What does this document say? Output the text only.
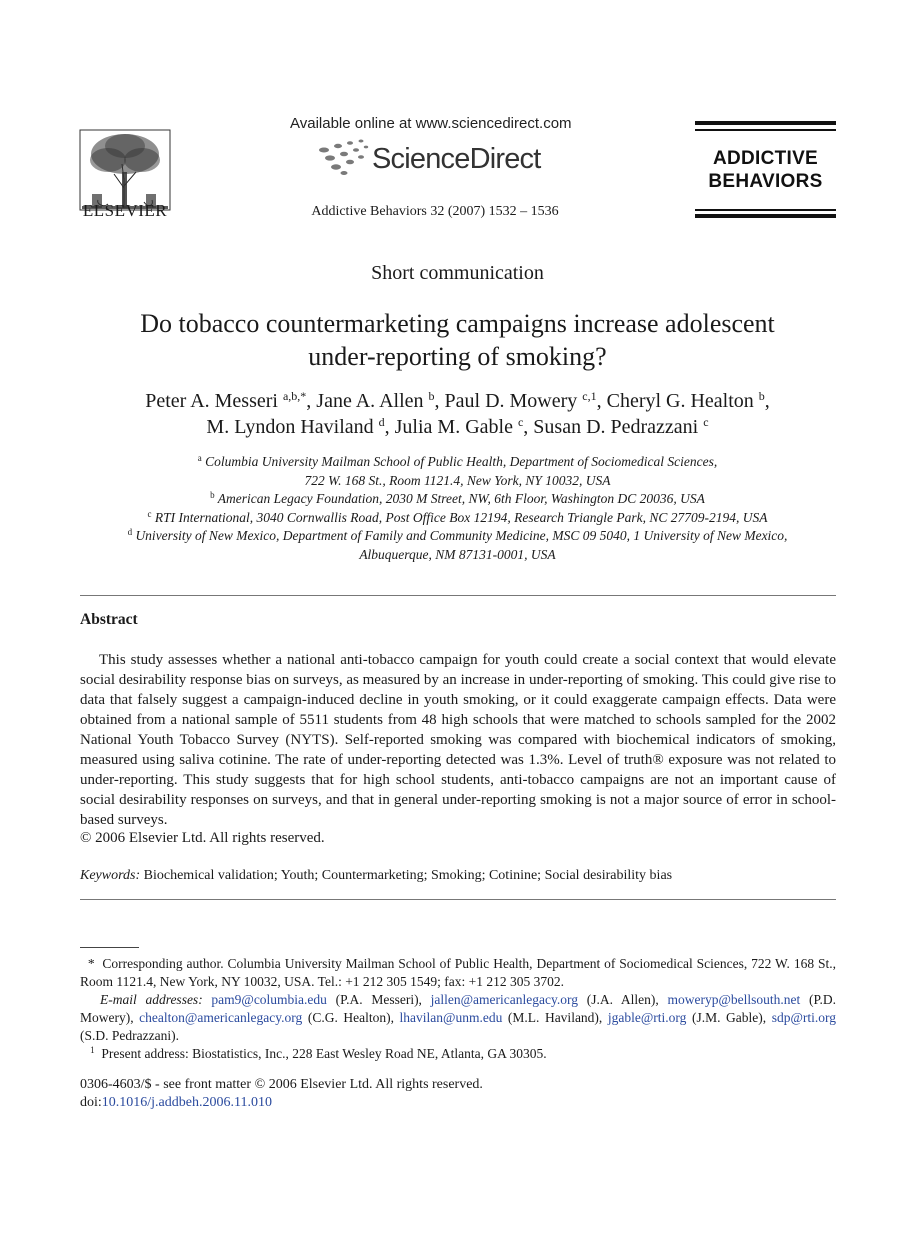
ELSEVIER
Available online at www.sciencedirect.com
ScienceDirect
Addictive Behaviors 32 (2007) 1532 – 1536
ADDICTIVE
BEHAVIORS
Short communication
Do tobacco countermarketing campaigns increase adolescent
under-reporting of smoking?
Peter A. Messeri $^{a,b,*}$, Jane A. Allen $^b$, Paul D. Mowery $^{c,1}$, Cheryl G. Healton $^b$,
M. Lyndon Haviland $^d$, Julia M. Gable $^c$, Susan D. Pedrazzani $^c$
$^a$ Columbia University Mailman School of Public Health, Department of Sociomedical Sciences,
722 W. 168 St., Room 1121.4, New York, NY 10032, USA
$^b$ American Legacy Foundation, 2030 M Street, NW, 6th Floor, Washington DC 20036, USA
$^c$ RTI International, 3040 Cornwallis Road, Post Office Box 12194, Research Triangle Park, NC 27709-2194, USA
$^d$ University of New Mexico, Department of Family and Community Medicine, MSC 09 5040, 1 University of New Mexico,
Albuquerque, NM 87131-0001, USA
Abstract

This study assesses whether a national anti-tobacco campaign for youth could create a social context that would elevate social desirability response bias on surveys, as measured by an increase in under-reporting of smoking. This could give rise to data that falsely suggest a campaign-induced decline in youth smoking, or it could exaggerate campaign effects. Data were obtained from a national sample of 5511 students from 48 high schools that were matched to schools sampled for the 2002 National Youth Tobacco Survey (NYTS). Self-reported smoking was compared with biochemical indicators of smoking, measured using saliva cotinine. The rate of under-reporting detected was 1.3%. Level of truth® exposure was not related to under-reporting. This study suggests that for high school students, anti-tobacco campaigns are not an important cause of social desirability responses on surveys, and that in general under-reporting smoking is not a major source of error in school-based surveys.

© 2006 Elsevier Ltd. All rights reserved.
Keywords: Biochemical validation; Youth; Countermarketing; Smoking; Cotinine; Social desirability bias

* Corresponding author. Columbia University Mailman School of Public Health, Department of Sociomedical Sciences, 722 W. 168 St., Room 1121.4, New York, NY 10032, USA. Tel.: +1 212 305 1549; fax: +1 212 305 3702.

E-mail addresses: pam9@columbia.edu (P.A. Messeri), jallen@americanlegacy.org (J.A. Allen), moweryp@bellsouth.net (P.D. Mowery), chealton@americanlegacy.org (C.G. Healton), lhavilan@unm.edu (M.L. Haviland), jgable@rti.org (J.M. Gable), sdp@rti.org (S.D. Pedrazzani).

$^1$ Present address: Biostatistics, Inc., 228 East Wesley Road NE, Atlanta, GA 30305.

0306-4603/$ - see front matter © 2006 Elsevier Ltd. All rights reserved.

doi:10.1016/j.addbeh.2006.11.010
